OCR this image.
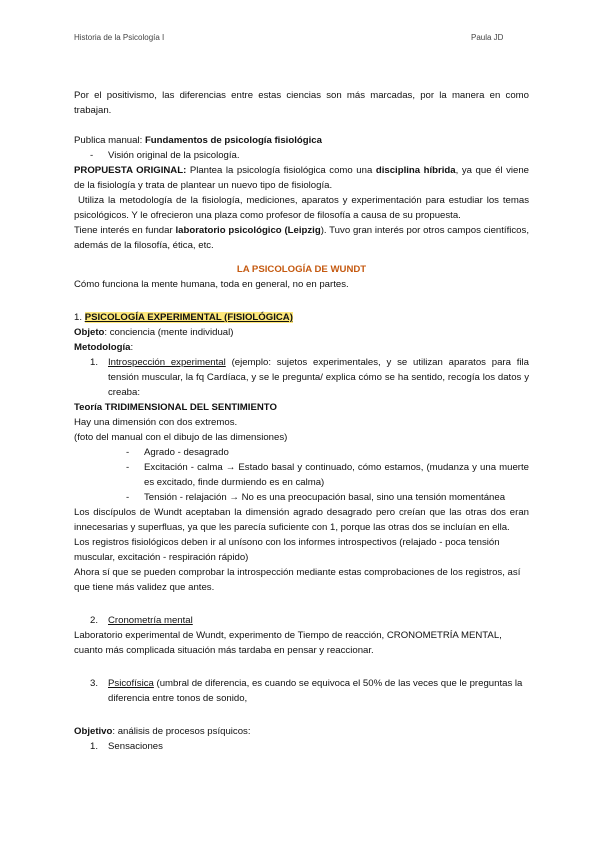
Historia de la Psicología I	Paula JD

Por el positivismo, las diferencias entre estas ciencias son más marcadas, por la manera en como trabajan.

Publica manual: Fundamentos de psicología fisiológica

-	Visión original de la psicología.

PROPUESTA ORIGINAL: Plantea la psicología fisiológica como una disciplina híbrida, ya que él viene de la fisiología y trata de plantear un nuevo tipo de fisiología.

Utiliza la metodología de la fisiología, mediciones, aparatos y experimentación para estudiar los temas psicológicos. Y le ofrecieron una plaza como profesor de filosofía a causa de su propuesta.

Tiene interés en fundar laboratorio psicológico (Leipzig). Tuvo gran interés por otros campos científicos, además de la filosofía, ética, etc.

LA PSICOLOGÍA DE WUNDT

Cómo funciona la mente humana, toda en general, no en partes.

1. PSICOLOGÍA EXPERIMENTAL (FISIOLÓGICA)

Objeto: conciencia (mente individual)

Metodología:

1.	Introspección experimental (ejemplo: sujetos experimentales, y se utilizan aparatos para fila tensión muscular, la fq Cardíaca, y se le pregunta/ explica cómo se ha sentido, recogía los datos y creaba:

Teoría TRIDIMENSIONAL DEL SENTIMIENTO

Hay una dimensión con dos extremos.

(foto del manual con el dibujo de las dimensiones)

-	Agrado - desagrado

-	Excitación - calma → Estado basal y continuado, cómo estamos, (mudanza y una muerte es excitado, finde durmiendo es en calma)

-	Tensión - relajación → No es una preocupación basal, sino una tensión momentánea

Los discípulos de Wundt aceptaban la dimensión agrado desagrado pero creían que las otras dos eran innecesarias y superfluas, ya que les parecía suficiente con 1, porque las otras dos se incluían en ella.

Los registros fisiológicos deben ir al unísono con los informes introspectivos (relajado - poca tensión muscular, excitación - respiración rápido)

Ahora sí que se pueden comprobar la introspección mediante estas comprobaciones de los registros, así que tiene más validez que antes.

2.	Cronometría mental

Laboratorio experimental de Wundt, experimento de Tiempo de reacción, CRONOMETRÍA MENTAL, cuanto más complicada situación más tardaba en pensar y reaccionar.

3.	Psicofísica (umbral de diferencia, es cuando se equivoca el 50% de las veces que le preguntas la diferencia entre tonos de sonido,

Objetivo: análisis de procesos psíquicos:

1.	Sensaciones
